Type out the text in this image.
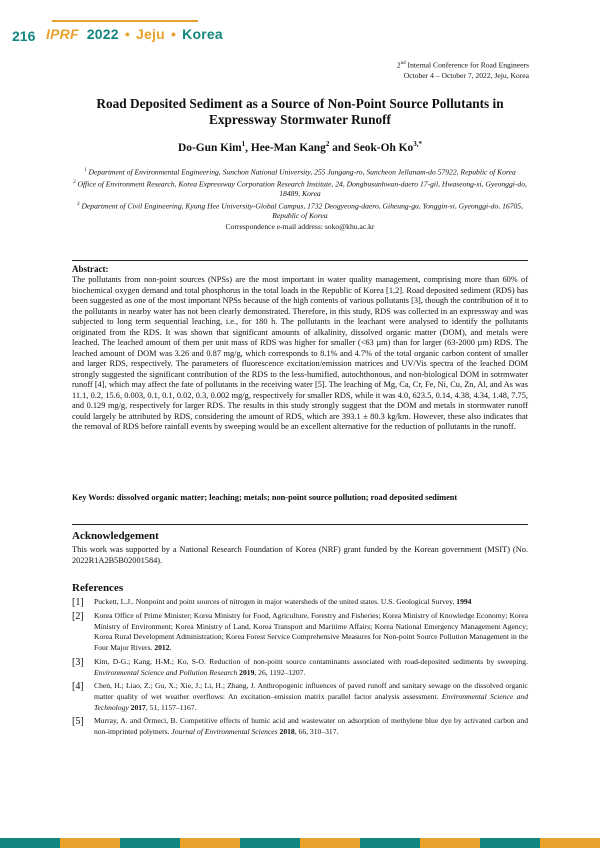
216 IPRF 2022 • Jeju • Korea
2nd Internal Conference for Road Engineers
October 4 – October 7, 2022, Jeju, Korea
Road Deposited Sediment as a Source of Non-Point Source Pollutants in Expressway Stormwater Runoff
Do-Gun Kim$^1$, Hee-Man Kang$^2$ and Seok-Oh $Ko^{3,*}$

$^1$ Department of Environmental Engineering, Sunchon National University, 255 Jungang-ro, Suncheon Jellanam-do 57922, Republic of Korea

$^2$ Office of Environment Research, Korea Expressway Corporation Research Institute, 24, Dongbusunhwan-daero 17-gil, Hwaseong-si, Gyeonggi-do, 18489, Korea

$^3$ Department of Civil Engineering, Kyung Hee University-Global Campus, 1732 Deogyeong-daero, Giheung-gu, Yonggin-si, Gyeonggi-do, 16705, Republic of Korea

Correspondence e-mail address: soko@khu.ac.kr

Abstract:
The pollutants from non-point sources (NPSs) are the most important in water quality management, comprising more than 60% of biochemical oxygen demand and total phosphorus in the total loads in the Republic of Korea [1,2]. Road deposited sediment (RDS) has been suggested as one of the most important NPSs because of the high contents of various pollutants [3], though the contribution of it to the pollutants in nearby water has not been clearly demonstrated. Therefore, in this study, RDS was collected in an expressway and was subjected to long term sequential leaching, i.e., for 180 h. The pollutants in the leachant were analysed to identify the pollutants originated from the RDS. It was shown that significant amounts of alkalinity, dissolved organic matter (DOM), and metals were leached. The leached amount of them per unit mass of RDS was higher for smaller (<63 µm) than for larger (63-2000 µm) RDS. The leached amount of DOM was 3.26 and 0.87 mg/g, which corresponds to 8.1% and 4.7% of the total organic carbon content of smaller and larger RDS, respectively. The parameters of fluorescence excitation/emission matrices and UV/Vis spectra of the leached DOM strongly suggested the significant contribution of the RDS to the less-humified, autochthonous, and non-biological DOM in sotrmwater runoff [4], which may affect the fate of pollutants in the receiving water [5]. The leaching of Mg, Ca, Cr, Fe, Ni, Cu, Zn, Al, and As was 11.1, 0.2, 15.6, 0.003, 0.1, 0.1, 0.02, 0.3, 0.002 mg/g, respectively for smaller RDS, while it was 4.0, 623.5, 0.14, 4.38, 4.34, 1.48, 7.75, and 0.129 mg/g, respectively for larger RDS. The results in this study strongly suggest that the DOM and metals in stormwater runoff could largely be attributed by RDS, considering the amount of RDS, which are 393.1 ± 80.3 kg/km. However, these also indicates that the removal of RDS before rainfall events by sweeping would be an excellent alternative for the reduction of pollutants in the runoff.
Key Words: dissolved organic matter; leaching; metals; non-point source pollution; road deposited sediment
Acknowledgement
This work was supported by a National Research Foundation of Korea (NRF) grant funded by the Korean government (MSIT) (No. 2022R1A2B5B02001584).
References
[1]	Puckett, L.J.. Nonpoint and point sources of nitrogen in major watersheds of the united states. U.S. Geological Survey, 1994
[2]	Korea Office of Prime Minister; Korea Ministry for Food, Agriculture, Forestry and Fisheries; Korea Ministry of Knowledge Economy; Korea Ministry of Environment; Korea Ministry of Land, Korea Transport and Maritime Affairs; Korea National Emergency Management Agency; Korea Rural Development Administration; Korea Forest Service Comprehensive Measures for Non-point Source Pollution Management in the Four Major Rivers. 2012.
[3]	Kim, D-G.; Kang, H-M.; Ko, S-O. Reduction of non-point source contaminants associated with road-deposited sediments by sweeping. Environmental Science and Pollution Research 2019, 26, 1192–1207.
[4]	Chen, H.; Liao, Z.; Gu, X.; Xie, J.; Li, H.; Zhang, J. Anthropogenic influences of paved runoff and sanitary sewage on the dissolved organic matter quality of wet weather overflows: An excitation–emission matrix parallel factor analysis assessment. Environmental Science and Technology 2017, 51, 1157–1167.
[5]	Murray, A. and Örmeci, B. Competitive effects of humic acid and wastewater on adsorption of methylene blue dye by activated carbon and non-imprinted polymers. Journal of Environmental Sciences 2018, 66, 310–317.
